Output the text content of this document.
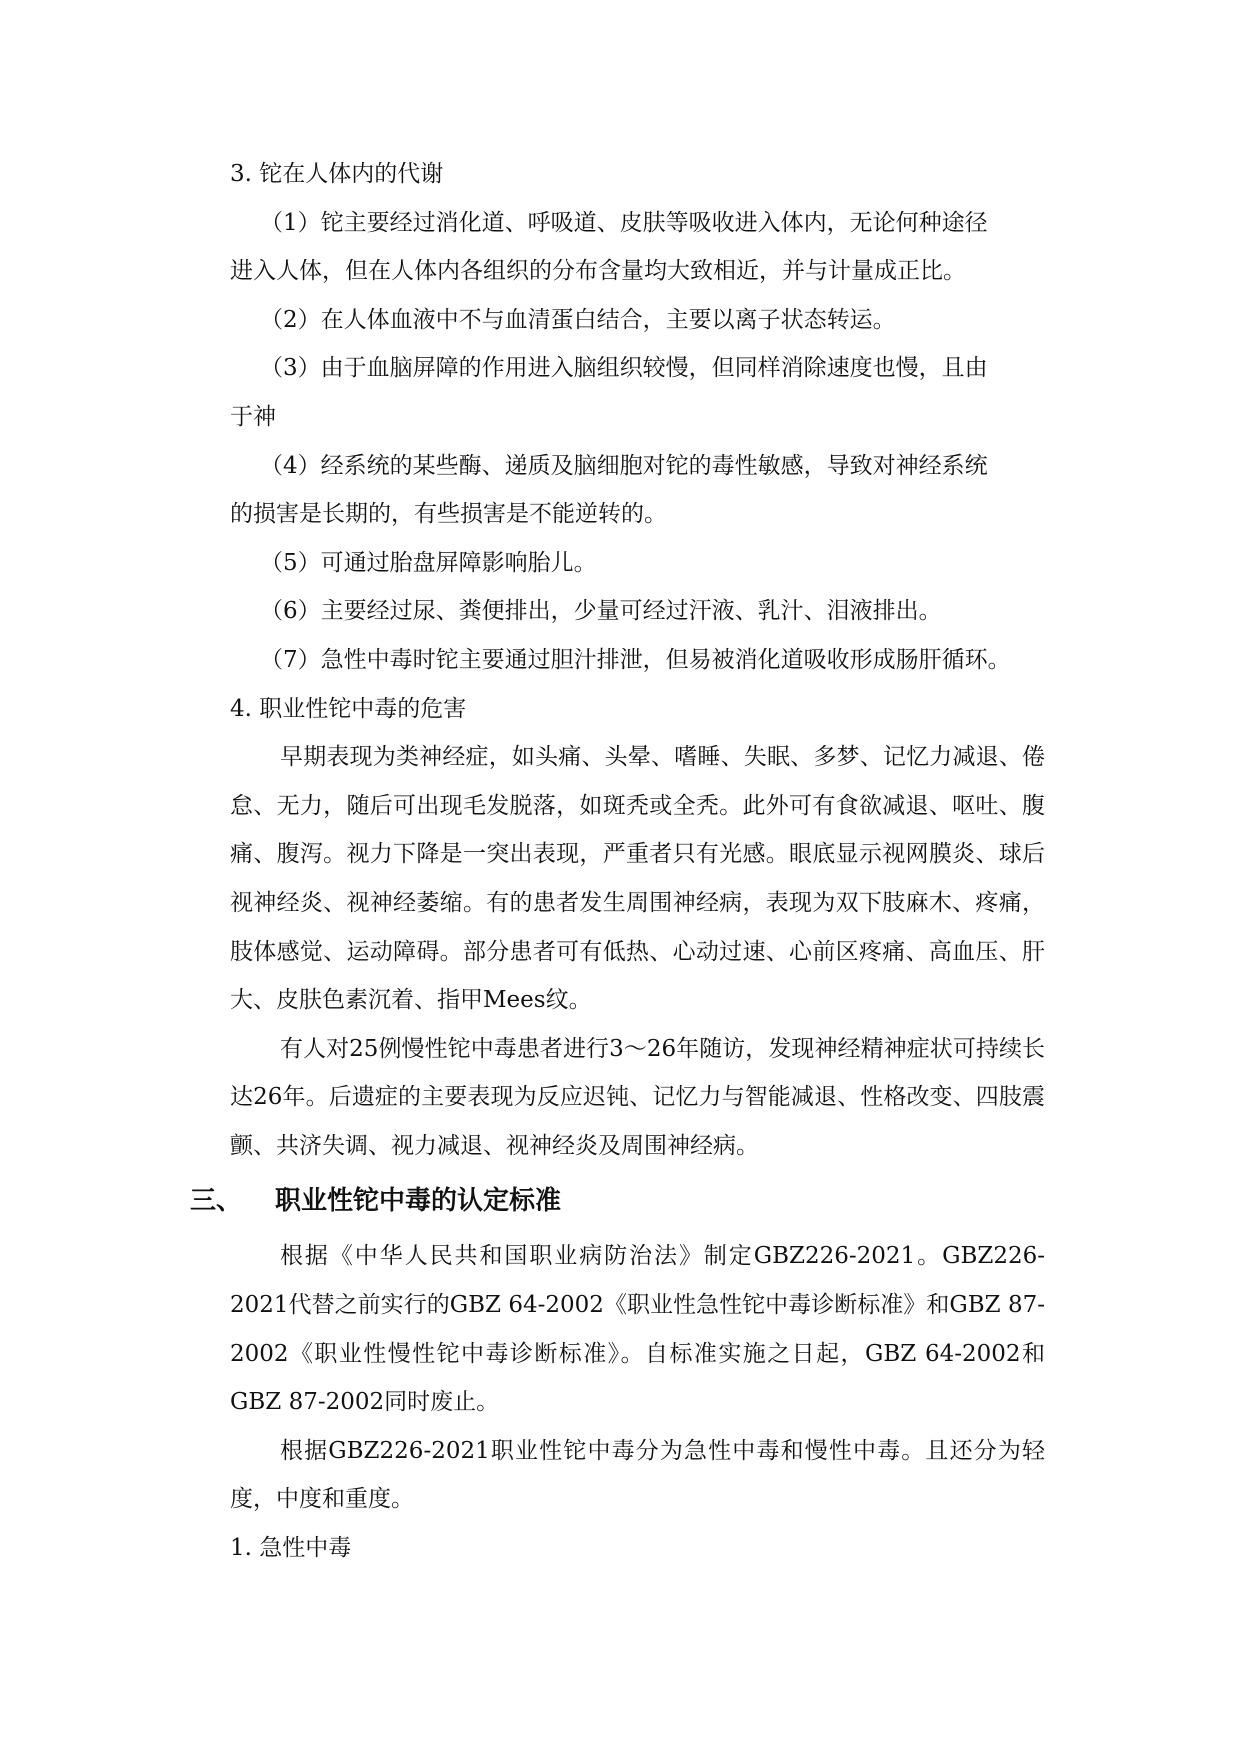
3. 铊在人体内的代谢
（1）铊主要经过消化道、呼吸道、皮肤等吸收进入体内，无论何种途径
进入人体，但在人体内各组织的分布含量均大致相近，并与计量成正比。
（2）在人体血液中不与血清蛋白结合，主要以离子状态转运。
（3）由于血脑屏障的作用进入脑组织较慢，但同样消除速度也慢，且由
于神
（4）经系统的某些酶、递质及脑细胞对铊的毒性敏感，导致对神经系统
的损害是长期的，有些损害是不能逆转的。
（5）可通过胎盘屏障影响胎儿。
（6）主要经过尿、粪便排出，少量可经过汗液、乳汁、泪液排出。
（7）急性中毒时铊主要通过胆汁排泄，但易被消化道吸收形成肠肝循环。
4. 职业性铊中毒的危害
早期表现为类神经症，如头痛、头晕、嗜睡、失眠、多梦、记忆力减退、倦怠、无力，随后可出现毛发脱落，如斑秃或全秃。此外可有食欲减退、呕吐、腹痛、腹泻。视力下降是一突出表现，严重者只有光感。眼底显示视网膜炎、球后视神经炎、视神经萎缩。有的患者发生周围神经病，表现为双下肢麻木、疼痛，肢体感觉、运动障碍。部分患者可有低热、心动过速、心前区疼痛、高血压、肝大、皮肤色素沉着、指甲Mees纹。
有人对25例慢性铊中毒患者进行3～26年随访，发现神经精神症状可持续长达26年。后遗症的主要表现为反应迟钝、记忆力与智能减退、性格改变、四肢震颤、共济失调、视力减退、视神经炎及周围神经病。
三、 职业性铊中毒的认定标准
根据《中华人民共和国职业病防治法》制定GBZ226-2021。GBZ226-2021代替之前实行的GBZ 64-2002《职业性急性铊中毒诊断标准》和GBZ 87-2002《职业性慢性铊中毒诊断标准》。自标准实施之日起，GBZ 64-2002和GBZ 87-2002同时废止。
根据GBZ226-2021职业性铊中毒分为急性中毒和慢性中毒。且还分为轻度，中度和重度。
1. 急性中毒
